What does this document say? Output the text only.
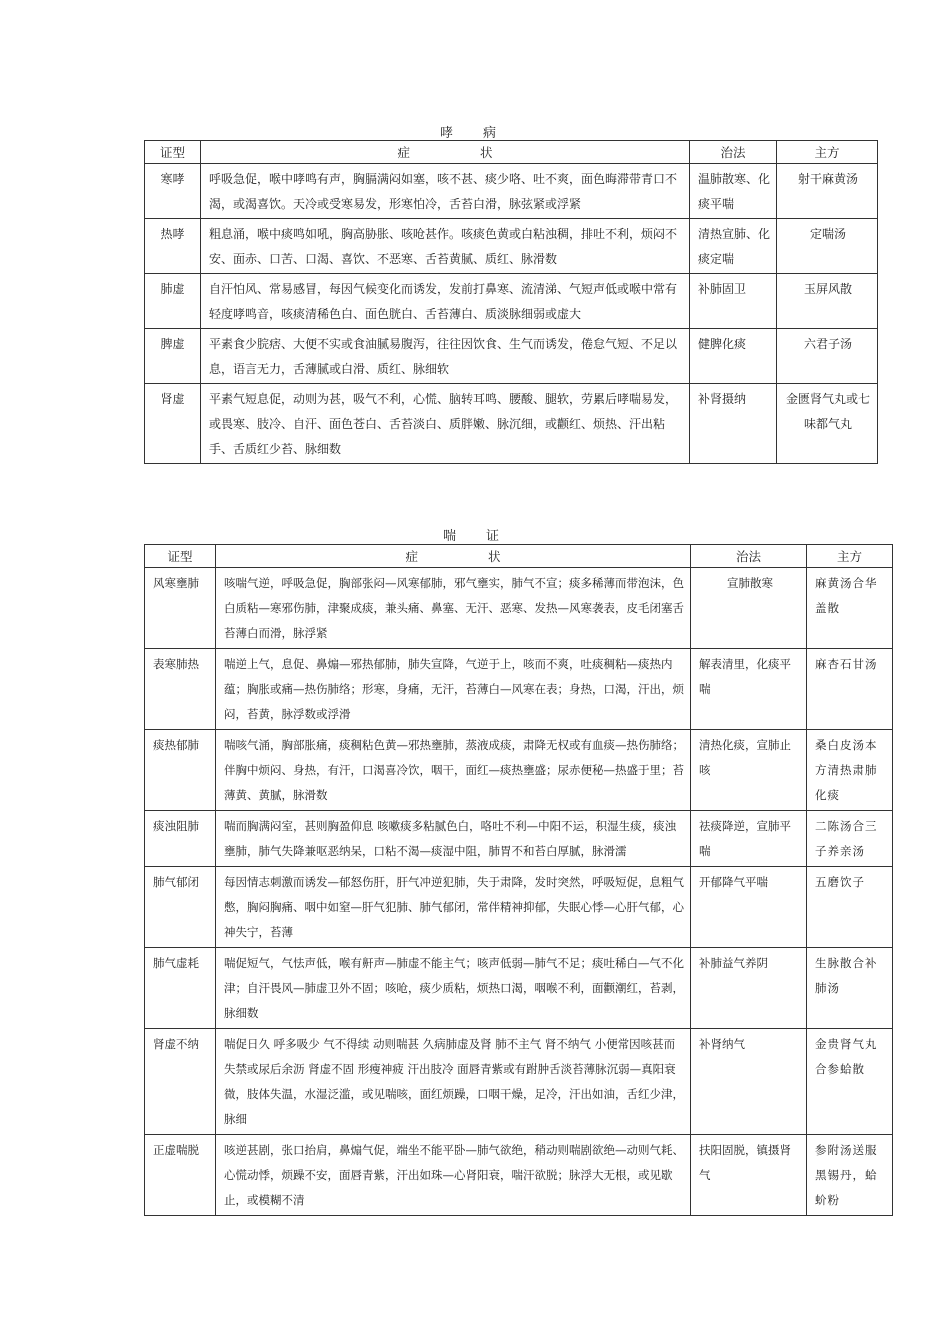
哮 病
证型	症 状	治法	主方
寒哮	呼吸急促，喉中哮鸣有声，胸膈满闷如塞，咳不甚、痰少咯、吐不爽，面色晦滞带青口不渴，或渴喜饮。天冷或受寒易发，形寒怕冷，舌苔白滑，脉弦紧或浮紧	温肺散寒、化痰平喘	射干麻黄汤
热哮	粗息涌，喉中痰鸣如吼，胸高胁胀、咳呛甚作。咳痰色黄或白粘浊稠，排吐不利，烦闷不安、面赤、口苦、口渴、喜饮、不恶寒、舌苔黄腻、质红、脉滑数	清热宣肺、化痰定喘	定喘汤
肺虚	自汗怕风、常易感冒，每因气候变化而诱发，发前打鼻寒、流清涕、气短声低或喉中常有轻度哮鸣音，咳痰清稀色白、面色胱白、舌苔薄白、质淡脉细弱或虚大	补肺固卫	玉屏风散
脾虚	平素食少脘痞、大便不实或食油腻易腹泻，往往因饮食、生气而诱发，倦怠气短、不足以息，语言无力，舌薄腻或白滑、质红、脉细软	健脾化痰	六君子汤
肾虚	平素气短息促，动则为甚，吸气不利，心慌、脑转耳鸣、腰酸、腿软，劳累后哮喘易发，或畏寒、肢冷、自汗、面色苍白、舌苔淡白、质胖嫩、脉沉细，或颧红、烦热、汗出粘手、舌质红少苔、脉细数	补肾摄纳	金匮肾气丸或七味都气丸
喘 证
证型	症 状	治法	主方
风寒壅肺	咳喘气逆，呼吸急促，胸部张闷—风寒郁肺，邪气壅实，肺气不宣；痰多稀薄而带泡沫，色白质粘—寒邪伤肺，津聚成痰，兼头痛、鼻塞、无汗、恶寒、发热—风寒袭表，皮毛闭塞舌苔薄白而滑，脉浮紧	宣肺散寒	麻黄汤合华盖散
表寒肺热	喘逆上气，息促、鼻煽—邪热郁肺，肺失宣降，气逆于上，咳而不爽，吐痰稠粘—痰热内蕴；胸胀或痛—热伤肺络；形寒，身痛，无汗，苔薄白—风寒在表；身热，口渴，汗出，烦闷，苔黄，脉浮数或浮滑	解表清里，化痰平喘	麻杏石甘汤
痰热郁肺	喘咳气涌，胸部胀痛，痰稠粘色黄—邪热壅肺，蒸液成痰，肃降无权或有血痰—热伤肺络；伴胸中烦闷、身热，有汗，口渴喜冷饮，咽干，面红—痰热壅盛；尿赤便秘—热盛于里；苔薄黄、黄腻，脉滑数	清热化痰，宣肺止咳	桑白皮汤本方清热肃肺化痰
痰浊阻肺	喘而胸满闷室，甚则胸盈仰息 咳嗽痰多粘腻色白，咯吐不利—中阳不运，积湿生痰，痰浊壅肺，肺气失降兼呕恶纳呆，口粘不渴—痰湿中阻，肺胃不和苔白厚腻，脉滑濡	祛痰降逆，宣肺平喘	二陈汤合三子养亲汤
肺气郁闭	每因情志刺激而诱发—郁怒伤肝，肝气冲逆犯肺，失于肃降，发时突然，呼吸短促，息粗气憋，胸闷胸痛、咽中如窒—肝气犯肺、肺气郁闭，常伴精神抑郁，失眠心悸—心肝气郁，心神失宁，苔薄	开郁降气平喘	五磨饮子
肺气虚耗	喘促短气，气怯声低，喉有鼾声—肺虚不能主气；咳声低弱—肺气不足；痰吐稀白—气不化津；自汗畏风—肺虚卫外不固；咳呛，痰少质粘，烦热口渴，咽喉不利，面颧潮红，苔剥，脉细数	补肺益气养阴	生脉散合补肺汤
肾虚不纳	喘促日久 呼多吸少 气不得续 动则喘甚 久病肺虚及肾 肺不主气 肾不纳气 小便常因咳甚而失禁或尿后余沥 肾虚不固 形瘦神疲 汗出肢冷 面唇青紫或有跗肿舌淡苔薄脉沉弱—真阳衰微，肢体失温，水湿泛滥，或见喘咳，面红烦躁，口咽干燥，足冷，汗出如油，舌红少津，脉细	补肾纳气	金贵肾气丸合参蛤散
正虚喘脱	咳逆甚剧，张口抬肩，鼻煽气促，端坐不能平卧—肺气欲绝，稍动则喘剧欲绝—动则气耗、心慌动悸，烦躁不安，面唇青紫，汗出如珠—心肾阳衰，喘汗欲脱；脉浮大无根，或见歇止，或模糊不清	扶阳固脱，镇摄肾气	参附汤送服黑锡丹，蛤蚧粉
